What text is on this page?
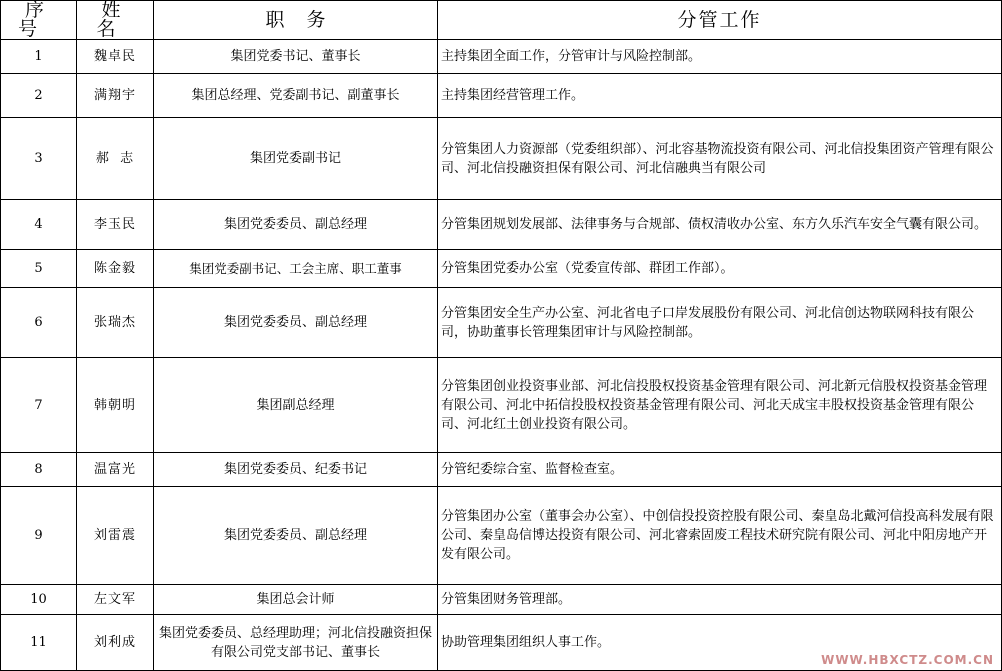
序号	姓名	职务	分管工作
1	魏卓民	集团党委书记、董事长	主持集团全面工作，分管审计与风险控制部。
2	满翔宇	集团总经理、党委副书记、副董事长	主持集团经营管理工作。
3	郝  志	集团党委副书记	分管集团人力资源部（党委组织部）、河北容基物流投资有限公司、河北信投集团资产管理有限公司、河北信投融资担保有限公司、河北信融典当有限公司
4	李玉民	集团党委委员、副总经理	分管集团规划发展部、法律事务与合规部、债权清收办公室、东方久乐汽车安全气囊有限公司。
5	陈金毅	集团党委副书记、工会主席、职工董事	分管集团党委办公室（党委宣传部、群团工作部）。
6	张瑞杰	集团党委委员、副总经理	分管集团安全生产办公室、河北省电子口岸发展股份有限公司、河北信创达物联网科技有限公司，协助董事长管理集团审计与风险控制部。
7	韩朝明	集团副总经理	分管集团创业投资事业部、河北信投股权投资基金管理有限公司、河北新元信股权投资基金管理有限公司、河北中拓信投股权投资基金管理有限公司、河北天成宝丰股权投资基金管理有限公司、河北红土创业投资有限公司。
8	温富光	集团党委委员、纪委书记	分管纪委综合室、监督检查室。
9	刘雷震	集团党委委员、副总经理	分管集团办公室（董事会办公室）、中创信投投资控股有限公司、秦皇岛北戴河信投高科发展有限公司、秦皇岛信博达投资有限公司、河北睿索固废工程技术研究院有限公司、河北中阳房地产开发有限公司。
10	左文军	集团总会计师	分管集团财务管理部。
11	刘利成	集团党委委员、总经理助理；河北信投融资担保有限公司党支部书记、董事长	协助管理集团组织人事工作。
WWW.HBXCTZ.COM.CN
